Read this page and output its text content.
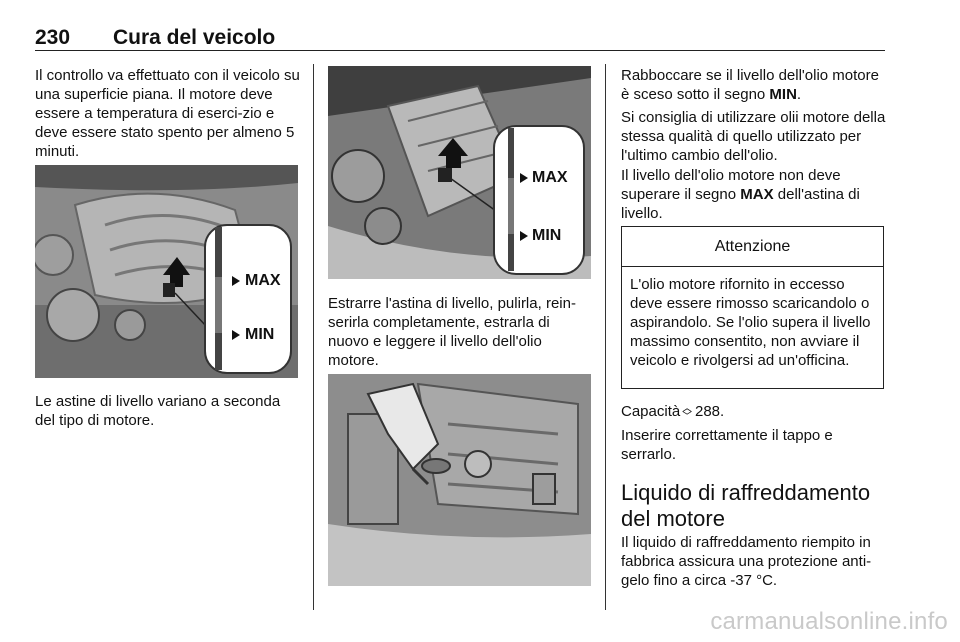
230 Cura del veicolo

Il controllo va effettuato con il veicolo su una superficie piana. Il motore deve essere a temperatura di eserci-zio e deve essere stato spento per almeno 5 minuti.

MAX
MIN

Le astine di livello variano a seconda del tipo di motore.

MAX
MIN

Estrarre l'astina di livello, pulirla, rein-serirla completamente, estrarla di nuovo e leggere il livello dell'olio motore.

Rabboccare se il livello dell'olio motore è sceso sotto il segno MIN.

Si consiglia di utilizzare olii motore della stessa qualità di quello utilizzato per l'ultimo cambio dell'olio.

Il livello dell'olio motore non deve superare il segno MAX dell'astina di livello.

Attenzione
L'olio motore rifornito in eccesso deve essere rimosso scaricandolo o aspirandolo. Se l'olio supera il livello massimo consentito, non avviare il veicolo e rivolgersi ad un'officina.

Capacità ◊ 288.

Inserire correttamente il tappo e serrarlo.

Liquido di raffreddamento del motore

Il liquido di raffreddamento riempito in fabbrica assicura una protezione anti-gelo fino a circa -37 °C.

carmanualsonline.info
